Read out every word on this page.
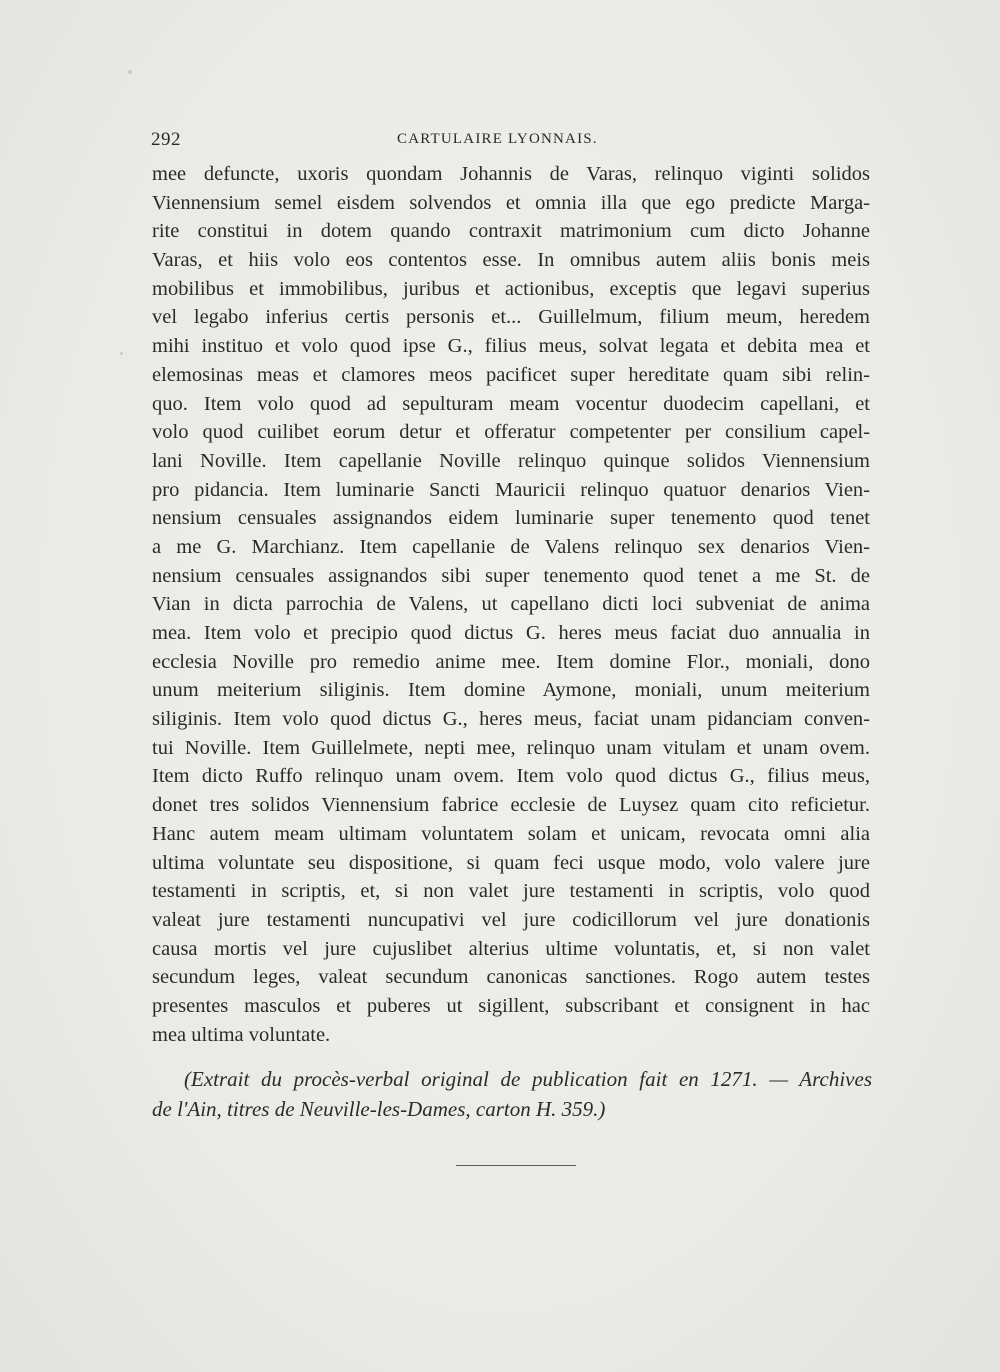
292	CARTULAIRE LYONNAIS.
mee defuncte, uxoris quondam Johannis de Varas, relinquo viginti solidos
Viennensium semel eisdem solvendos et omnia illa que ego predicte Marga-
rite constitui in dotem quando contraxit matrimonium cum dicto Johanne
Varas, et hiis volo eos contentos esse. In omnibus autem aliis bonis meis
mobilibus et immobilibus, juribus et actionibus, exceptis que legavi superius
vel legabo inferius certis personis et... Guillelmum, filium meum, heredem
mihi instituo et volo quod ipse G., filius meus, solvat legata et debita mea et
elemosinas meas et clamores meos pacificet super hereditate quam sibi relin-
quo. Item volo quod ad sepulturam meam vocentur duodecim capellani, et
volo quod cuilibet eorum detur et offeratur competenter per consilium capel-
lani Noville. Item capellanie Noville relinquo quinque solidos Viennensium
pro pidancia. Item luminarie Sancti Mauricii relinquo quatuor denarios Vien-
nensium censuales assignandos eidem luminarie super tenemento quod tenet
a me G. Marchianz. Item capellanie de Valens relinquo sex denarios Vien-
nensium censuales assignandos sibi super tenemento quod tenet a me St. de
Vian in dicta parrochia de Valens, ut capellano dicti loci subveniat de anima
mea. Item volo et precipio quod dictus G. heres meus faciat duo annualia in
ecclesia Noville pro remedio anime mee. Item domine Flor., moniali, dono
unum meiterium siliginis. Item domine Aymone, moniali, unum meiterium
siliginis. Item volo quod dictus G., heres meus, faciat unam pidanciam conven-
tui Noville. Item Guillelmete, nepti mee, relinquo unam vitulam et unam ovem.
Item dicto Ruffo relinquo unam ovem. Item volo quod dictus G., filius meus,
donet tres solidos Viennensium fabrice ecclesie de Luysez quam cito reficietur.
Hanc autem meam ultimam voluntatem solam et unicam, revocata omni alia
ultima voluntate seu dispositione, si quam feci usque modo, volo valere jure
testamenti in scriptis, et, si non valet jure testamenti in scriptis, volo quod
valeat jure testamenti nuncupativi vel jure codicillorum vel jure donationis
causa mortis vel jure cujuslibet alterius ultime voluntatis, et, si non valet
secundum leges, valeat secundum canonicas sanctiones. Rogo autem testes
presentes masculos et puberes ut sigillent, subscribant et consignent in hac
mea ultima voluntate.
(Extrait du procès-verbal original de publication fait en 1271. — Archives
de l'Ain, titres de Neuville-les-Dames, carton H. 359.)
